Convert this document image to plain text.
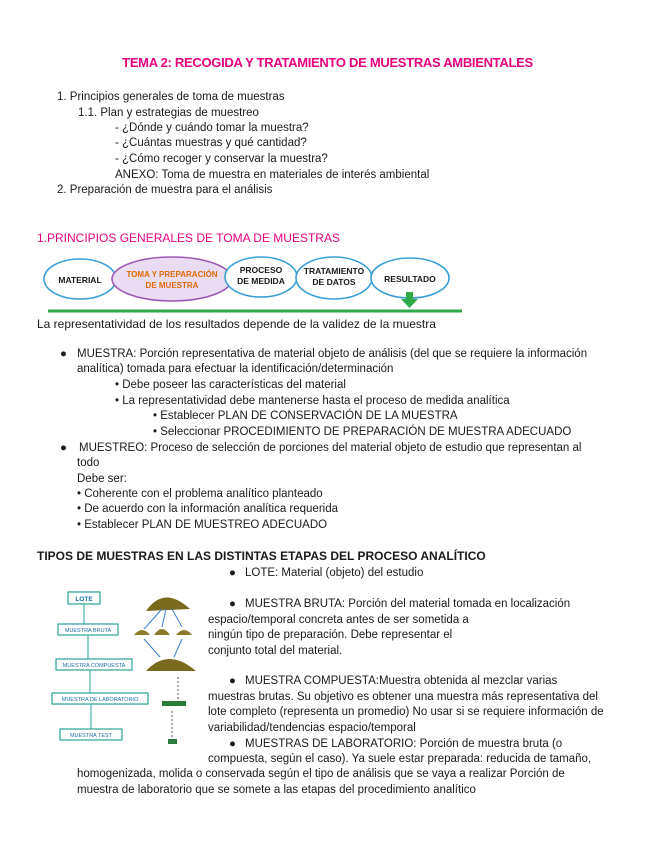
TEMA 2: RECOGIDA Y TRATAMIENTO DE MUESTRAS AMBIENTALES
1. Principios generales de toma de muestras
1.1. Plan y estrategias de muestreo
- ¿Dónde y cuándo tomar la muestra?
- ¿Cuántas muestras y qué cantidad?
- ¿Cómo recoger y conservar la muestra?
ANEXO: Toma de muestra en materiales de interés ambiental
2. Preparación de muestra para el análisis
1.PRINCIPIOS GENERALES DE TOMA DE MUESTRAS
MATERIAL
TOMA Y PREPARACIÓN
DE MUESTRA
PROCESO
DE MEDIDA
TRATAMIENTO
DE DATOS	RESULTADO
La representatividad de los resultados depende de la validez de la muestra
● MUESTRA: Porción representativa de material objeto de análisis (del que se requiere la información
analítica) tomada para efectuar la identificación/determinación
• Debe poseer las características del material
• La representatividad debe mantenerse hasta el proceso de medida analítica
• Establecer PLAN DE CONSERVACIÓN DE LA MUESTRA
• Seleccionar PROCEDIMIENTO DE PREPARACIÓN DE MUESTRA ADECUADO
● MUESTREO: Proceso de selección de porciones del material objeto de estudio que representan al
todo
Debe ser:
• Coherente con el problema analítico planteado
• De acuerdo con la información analítica requerida
• Establecer PLAN DE MUESTREO ADECUADO
TIPOS DE MUESTRAS EN LAS DISTINTAS ETAPAS DEL PROCESO ANALÍTICO
LOTE
MUESTRA BRUTA
MUESTRA COMPUESTA
MUESTRA DE LABORATORIO
MUESTRA TEST
● LOTE: Material (objeto) del estudio
● MUESTRA BRUTA: Porción del material tomada en localización
espacio/temporal concreta antes de ser sometida a
ningún tipo de preparación. Debe representar el
conjunto total del material.
● MUESTRA COMPUESTA:Muestra obtenida al mezclar varias
muestras brutas. Su objetivo es obtener una muestra más representativa del
lote completo (representa un promedio) No usar si se requiere información de
variabilidad/tendencias espacio/temporal
● MUESTRAS DE LABORATORIO: Porción de muestra bruta (o
compuesta, según el caso). Ya suele estar preparada: reducida de tamaño,
homogenizada, molida o conservada según el tipo de análisis que se vaya a realizar Porción de
muestra de laboratorio que se somete a las etapas del procedimiento analítico
